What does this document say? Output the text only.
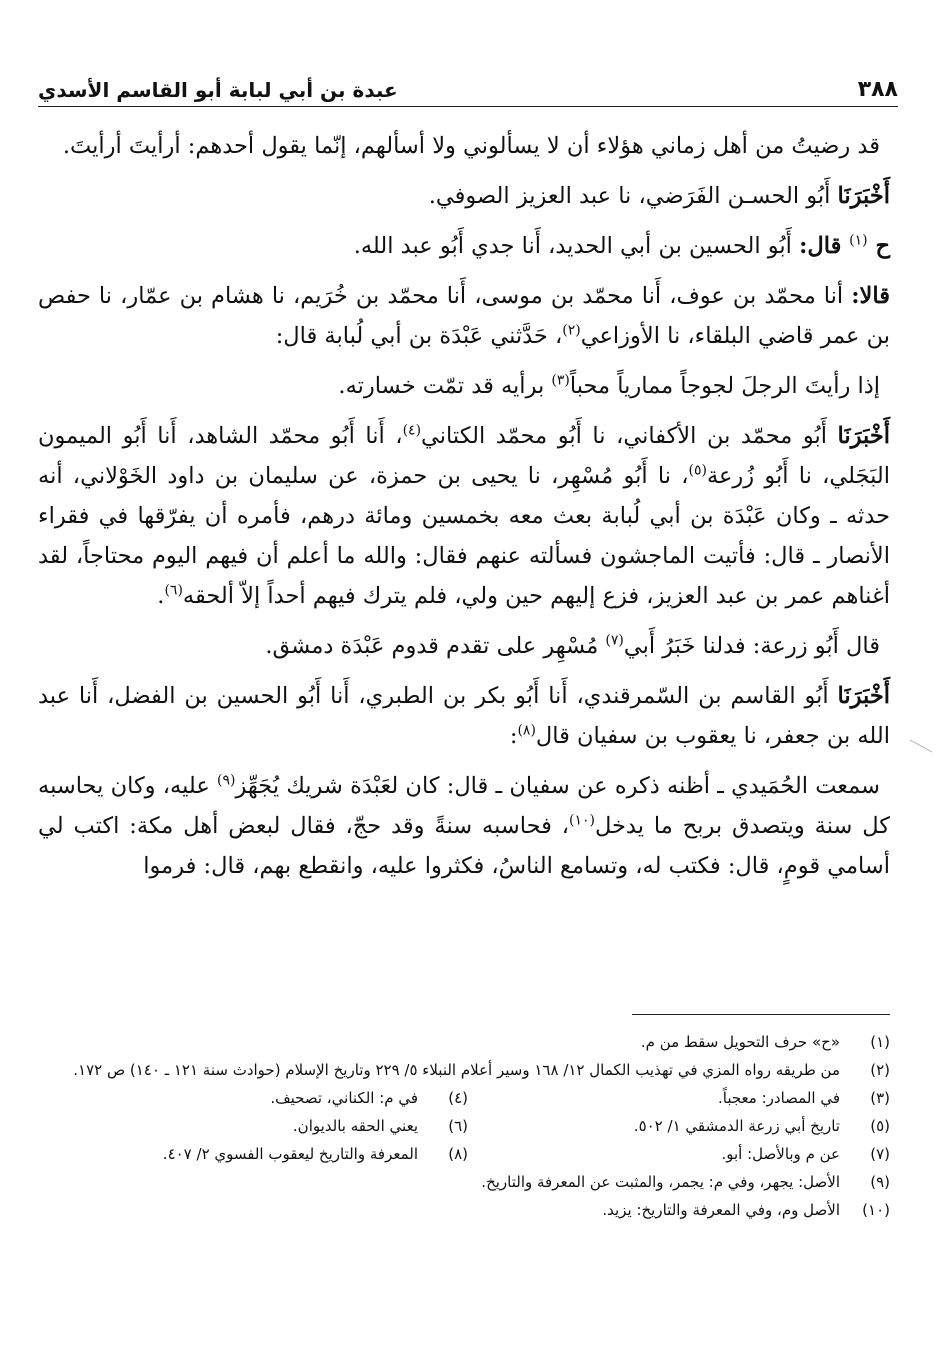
٣٨٨
عبدة بن أبي لبابة أبو القاسم الأسدي

قد رضيتُ من أهل زماني هؤلاء أن لا يسألوني ولا أسألهم، إنّما يقول أحدهم: أرأيتَ أرأيتَ.

أَخْبَرَنَا أَبُو الحسـن الفَرَضي، نا عبد العزيز الصوفي.

ح $^{(١)}$ قال: أَبُو الحسين بن أبي الحديد، أَنا جدي أَبُو عبد الله.

قالا: أنا محمّد بن عوف، أَنا محمّد بن موسى، أَنا محمّد بن خُرَيم، نا هشام بن عمّار، نا حفص بن عمر قاضي البلقاء، نا الأوزاعي$^{(٢)}$، حَدَّثني عَبْدَة بن أبي لُبابة قال:

إذا رأيتَ الرجلَ لجوجاً ممارياً محباً$^{(٣)}$ برأيه قد تمّت خسارته.

أَخْبَرَنَا أَبُو محمّد بن الأكفاني، نا أَبُو محمّد الكتاني$^{(٤)}$، أَنا أَبُو محمّد الشاهد، أَنا أَبُو الميمون البَجَلي، نا أَبُو زُرعة$^{(٥)}$، نا أَبُو مُسْهِر، نا يحيى بن حمزة، عن سليمان بن داود الخَوْلاني، أنه حدثه ـ وكان عَبْدَة بن أبي لُبابة بعث معه بخمسين ومائة درهم، فأمره أن يفرّقها في فقراء الأنصار ـ قال: فأتيت الماجشون فسألته عنهم فقال: والله ما أعلم أن فيهم اليوم محتاجاً، لقد أغناهم عمر بن عبد العزيز، فزع إليهم حين ولي، فلم يترك فيهم أحداً إلاّ ألحقه$^{(٦)}$.

قال أَبُو زرعة: فدلنا خَبَرُ أَبي$^{(٧)}$ مُسْهِر على تقدم قدوم عَبْدَة دمشق.

أَخْبَرَنَا أَبُو القاسم بن السّمرقندي، أَنا أَبُو بكر بن الطبري، أَنا أَبُو الحسين بن الفضل، أَنا عبد الله بن جعفر، نا يعقوب بن سفيان قال$^{(٨)}$:

سمعت الحُمَيدي ـ أظنه ذكره عن سفيان ـ قال: كان لعَبْدَة شريك يُجَهِّز$^{(٩)}$ عليه، وكان يحاسبه كل سنة ويتصدق بربح ما يدخل$^{(١٠)}$، فحاسبه سنةً وقد حجّ، فقال لبعض أهل مكة: اكتب لي أسامي قومٍ، قال: فكتب له، وتسامع الناسُ، فكثروا عليه، وانقطع بهم، قال: فرموا

(١)
«ح» حرف التحويل سقط من م.
(٢)
من طريقه رواه المزي في تهذيب الكمال ١٢/ ١٦٨ وسير أعلام النبلاء ٥/ ٢٢٩ وتاريخ الإسلام (حوادث سنة ١٢١ ـ ١٤٠) ص ١٧٢.
(٣)
في المصادر: معجباً.
(٤)
في م: الكناني، تصحيف.
(٥)
تاريخ أبي زرعة الدمشقي ١/ ٥٠٢.
(٦)
يعني الحقه بالديوان.
(٧)
عن م وبالأصل: أبو.
(٨)
المعرفة والتاريخ ليعقوب الفسوي ٢/ ٤٠٧.
(٩)
الأصل: يجهر، وفي م: يجمر، والمثبت عن المعرفة والتاريخ.
(١٠)
الأصل وم، وفي المعرفة والتاريخ: يزيد.
